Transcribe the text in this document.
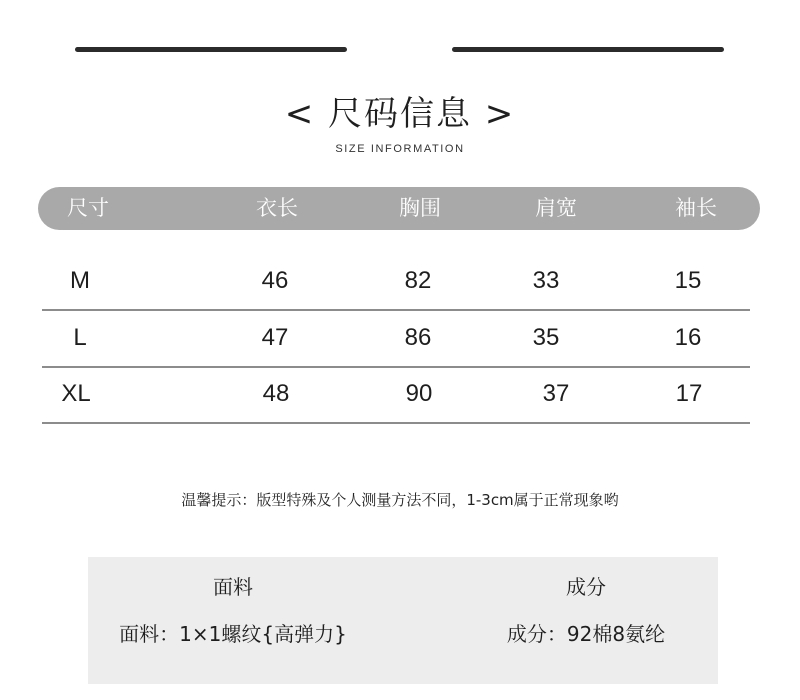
< 尺码信息 >
SIZE INFORMATION
尺寸	衣长	胸围	肩宽	袖长
M	46	82	33	15
L	47	86	35	16
XL	48	90	37	17
温馨提示：版型特殊及个人测量方法不同，1-3cm属于正常现象哟
面料	成分
面料：1×1螺纹{高弹力}	成分：92棉8氨纶
